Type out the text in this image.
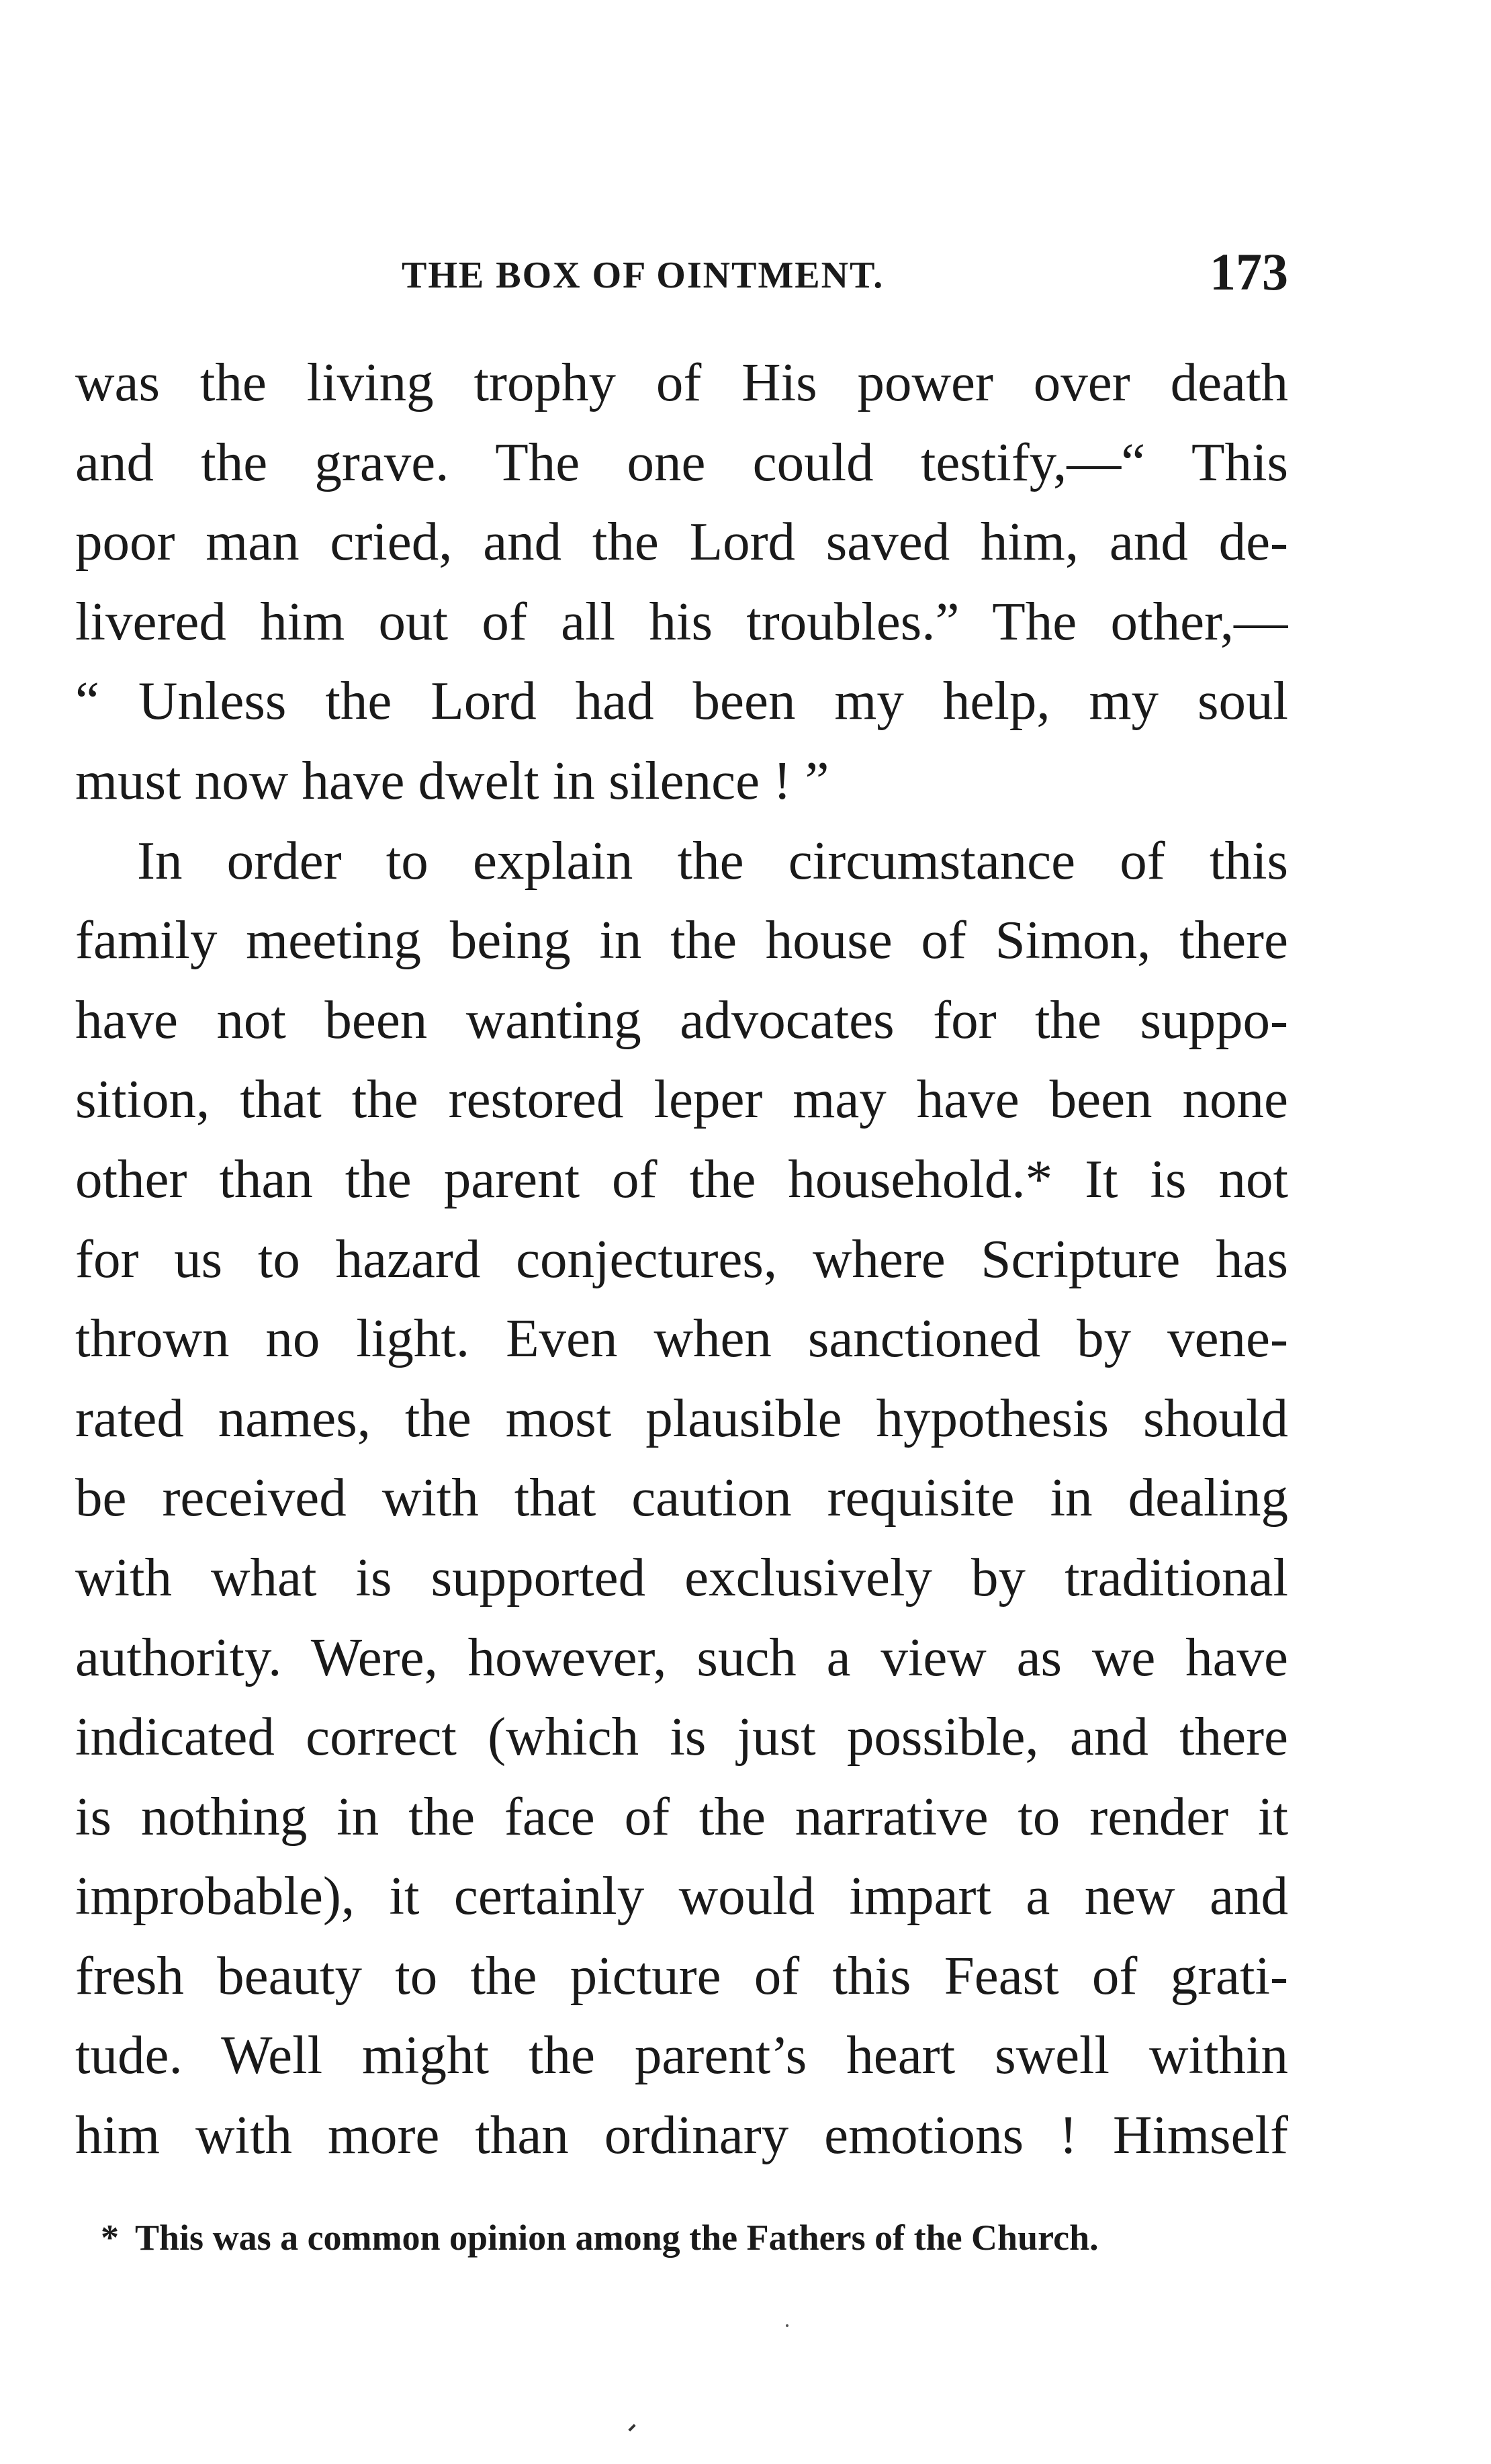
THE BOX OF OINTMENT.	173
was the living trophy of His power over death
and the grave. The one could testify,—“ This
poor man cried, and the Lord saved him, and de-
livered him out of all his troubles.” The other,—
“ Unless the Lord had been my help, my soul
must now have dwelt in silence ! ”
In order to explain the circumstance of this
family meeting being in the house of Simon, there
have not been wanting advocates for the suppo-
sition, that the restored leper may have been none
other than the parent of the household.* It is not
for us to hazard conjectures, where Scripture has
thrown no light. Even when sanctioned by vene-
rated names, the most plausible hypothesis should
be received with that caution requisite in dealing
with what is supported exclusively by traditional
authority. Were, however, such a view as we have
indicated correct (which is just possible, and there
is nothing in the face of the narrative to render it
improbable), it certainly would impart a new and
fresh beauty to the picture of this Feast of grati-
tude. Well might the parent’s heart swell within
him with more than ordinary emotions ! Himself
* This was a common opinion among the Fathers of the Church.
